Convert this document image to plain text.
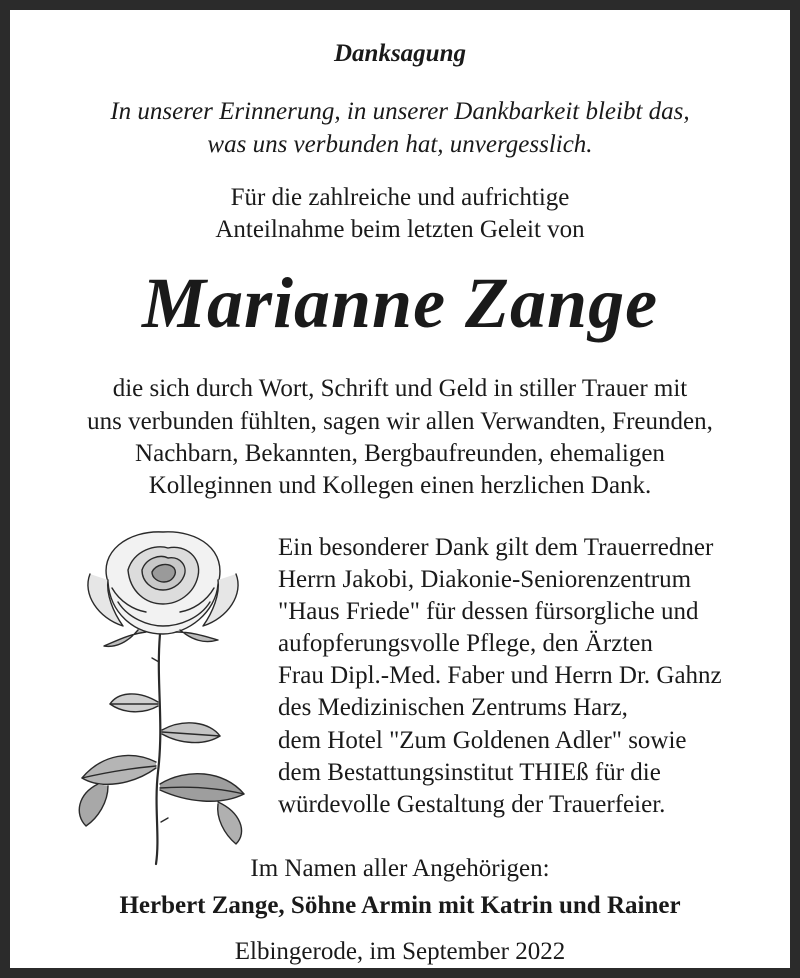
Danksagung
In unserer Erinnerung, in unserer Dankbarkeit bleibt das,
was uns verbunden hat, unvergesslich.
Für die zahlreiche und aufrichtige
Anteilnahme beim letzten Geleit von
Marianne Zange
die sich durch Wort, Schrift und Geld in stiller Trauer mit
uns verbunden fühlten, sagen wir allen Verwandten, Freunden,
Nachbarn, Bekannten, Bergbaufreunden, ehemaligen
Kolleginnen und Kollegen einen herzlichen Dank.
Ein besonderer Dank gilt dem Trauerredner
Herrn Jakobi, Diakonie-Seniorenzentrum
"Haus Friede" für dessen fürsorgliche und
aufopferungsvolle Pflege, den Ärzten
Frau Dipl.-Med. Faber und Herrn Dr. Gahnz
des Medizinischen Zentrums Harz,
dem Hotel "Zum Goldenen Adler" sowie
dem Bestattungsinstitut THIEß für die
würdevolle Gestaltung der Trauerfeier.
Im Namen aller Angehörigen:
Herbert Zange, Söhne Armin mit Katrin und Rainer
Elbingerode, im September 2022
